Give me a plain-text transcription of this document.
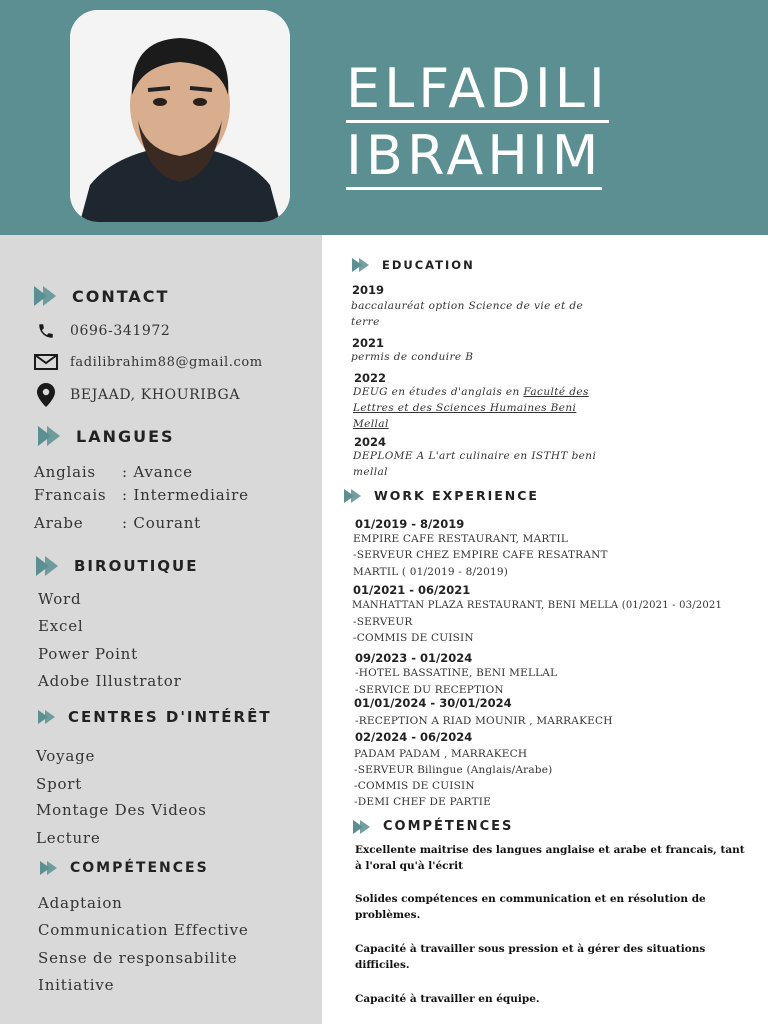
ELFADILI
IBRAHIM
CONTACT
0696-341972
fadilibrahim88@gmail.com
BEJAAD, KHOURIBGA
LANGUES
Anglais : Avance
Francais : Intermediaire
Arabe	: Courant
BIROUTIQUE
Word
Excel
Power Point
Adobe Illustrator
CENTRES D'INTÉRÊT
Voyage
Sport
Montage Des Videos
Lecture
COMPÉTENCES
Adaptaion
Communication Effective
Sense de responsabilite
Initiative
EDUCATION
2019
baccalauréat option Science de vie et de
terre
2021
permis de conduire B
2022
DEUG en études d'anglais en Faculté des
Lettres et des Sciences Humaines Beni
Mellal
2024
DEPLOME A L'art culinaire en ISTHT beni
mellal
WORK EXPERIENCE
01/2019 - 8/2019
EMPIRE CAFE RESTAURANT, MARTIL
-SERVEUR CHEZ EMPIRE CAFE RESATRANT
MARTIL ( 01/2019 - 8/2019)
01/2021 - 06/2021
MANHATTAN PLAZA RESTAURANT, BENI MELLA (01/2021 - 03/2021
-SERVEUR
-COMMIS DE CUISIN
09/2023 - 01/2024
-HOTEL BASSATINE, BENI MELLAL
-SERVICE DU RECEPTION
01/01/2024 - 30/01/2024
-RECEPTION A RIAD MOUNIR , MARRAKECH
02/2024 - 06/2024
PADAM PADAM , MARRAKECH
-SERVEUR Bilingue (Anglais/Arabe)
-COMMIS DE CUISIN
-DEMI CHEF DE PARTIE
COMPÉTENCES
Excellente maitrise des langues anglaise et arabe et francais, tant à l'oral qu'à l'écrit
Solides compétences en communication et en résolution de problèmes.
Capacité à travailler sous pression et à gérer des situations difficiles.
Capacité à travailler en équipe.
